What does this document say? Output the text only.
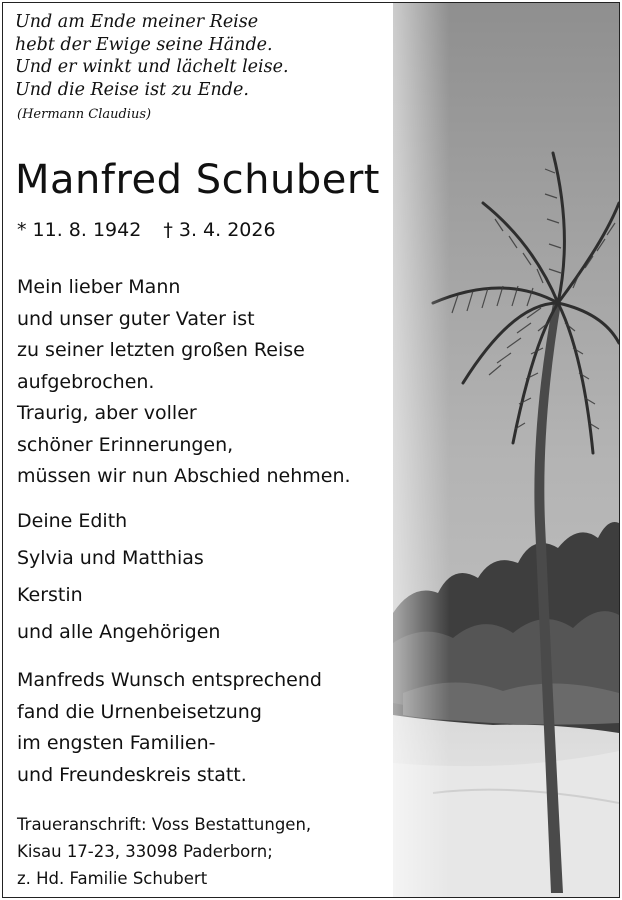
Und am Ende meiner Reise
hebt der Ewige seine Hände.
Und er winkt und lächelt leise.
Und die Reise ist zu Ende.
(Hermann Claudius)
Manfred Schubert
* 11. 8. 1942 † 3. 4. 2026
Mein lieber Mann
und unser guter Vater ist
zu seiner letzten großen Reise
aufgebrochen.
Traurig, aber voller
schöner Erinnerungen,
müssen wir nun Abschied nehmen.
Deine Edith
Sylvia und Matthias
Kerstin
und alle Angehörigen
Manfreds Wunsch entsprechend
fand die Urnenbeisetzung
im engsten Familien-
und Freundeskreis statt.
Traueranschrift: Voss Bestattungen,
Kisau 17-23, 33098 Paderborn;
z. Hd. Familie Schubert
